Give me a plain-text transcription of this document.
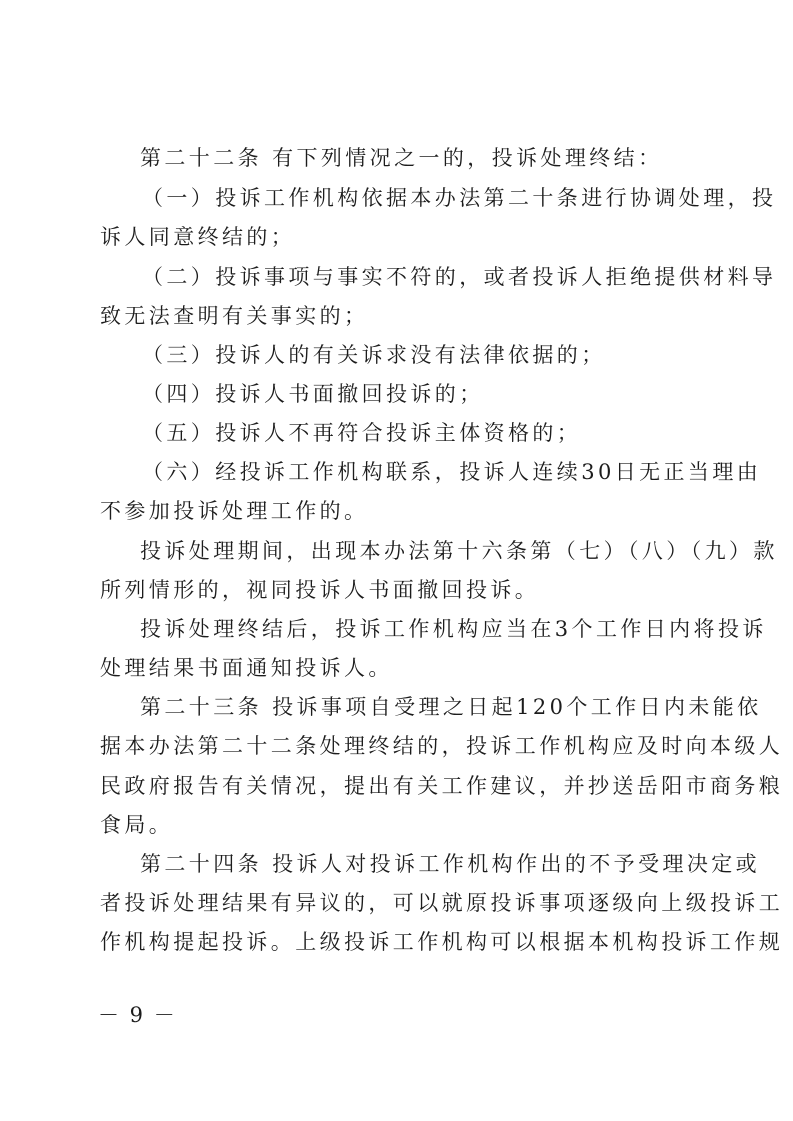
第二十二条 有下列情况之一的，投诉处理终结：
（一）投诉工作机构依据本办法第二十条进行协调处理，投
诉人同意终结的；
（二）投诉事项与事实不符的，或者投诉人拒绝提供材料导
致无法查明有关事实的；
（三）投诉人的有关诉求没有法律依据的；
（四）投诉人书面撤回投诉的；
（五）投诉人不再符合投诉主体资格的；
（六）经投诉工作机构联系，投诉人连续30日无正当理由
不参加投诉处理工作的。
投诉处理期间，出现本办法第十六条第（七）（八）（九）款
所列情形的，视同投诉人书面撤回投诉。
投诉处理终结后，投诉工作机构应当在3个工作日内将投诉
处理结果书面通知投诉人。
第二十三条 投诉事项自受理之日起120个工作日内未能依
据本办法第二十二条处理终结的，投诉工作机构应及时向本级人
民政府报告有关情况，提出有关工作建议，并抄送岳阳市商务粮
食局。
第二十四条 投诉人对投诉工作机构作出的不予受理决定或
者投诉处理结果有异议的，可以就原投诉事项逐级向上级投诉工
作机构提起投诉。上级投诉工作机构可以根据本机构投诉工作规
－ 9 －
